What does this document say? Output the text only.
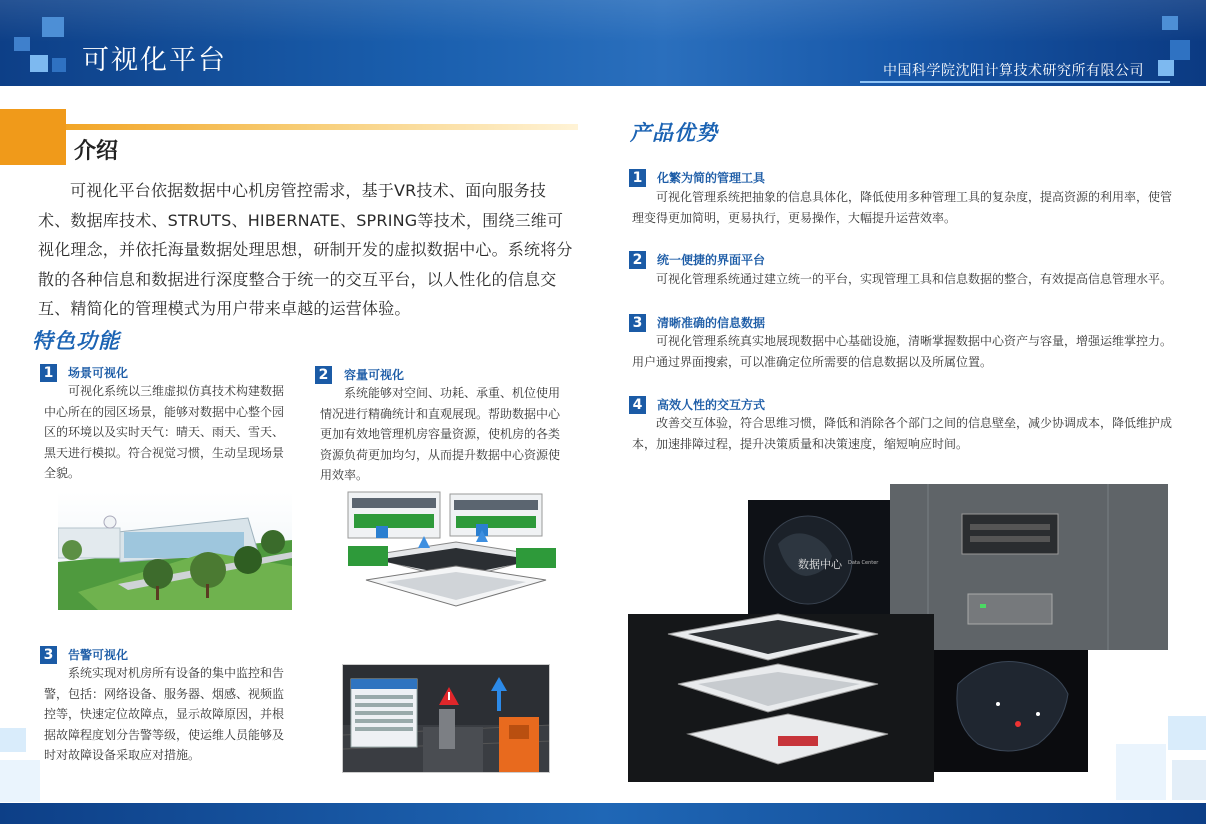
可视化平台	中国科学院沈阳计算技术研究所有限公司
介绍
可视化平台依据数据中心机房管控需求，基于VR技术、面向服务技术、数据库技术、STRUTS、HIBERNATE、SPRING等技术，围绕三维可视化理念，并依托海量数据处理思想，研制开发的虚拟数据中心。系统将分散的各种信息和数据进行深度整合于统一的交互平台，以人性化的信息交互、精简化的管理模式为用户带来卓越的运营体验。
特色功能
1	场景可视化
可视化系统以三维虚拟仿真技术构建数据中心所在的园区场景，能够对数据中心整个园区的环境以及实时天气：晴天、雨天、雪天、黑天进行模拟。符合视觉习惯，生动呈现场景全貌。
2	容量可视化
系统能够对空间、功耗、承重、机位使用情况进行精确统计和直观展现。帮助数据中心更加有效地管理机房容量资源，使机房的各类资源负荷更加均匀，从而提升数据中心资源使用效率。
3	告警可视化
系统实现对机房所有设备的集中监控和告警，包括：网络设备、服务器、烟感、视频监控等，快速定位故障点，显示故障原因，并根据故障程度划分告警等级，使运维人员能够及时对故障设备采取应对措施。
产品优势
1	化繁为简的管理工具
可视化管理系统把抽象的信息具体化，降低使用多种管理工具的复杂度，提高资源的利用率，使管理变得更加简明，更易执行，更易操作，大幅提升运营效率。
2	统一便捷的界面平台
可视化管理系统通过建立统一的平台，实现管理工具和信息数据的整合，有效提高信息管理水平。
3	清晰准确的信息数据
可视化管理系统真实地展现数据中心基础设施，清晰掌握数据中心资产与容量，增强运维掌控力。用户通过界面搜索，可以准确定位所需要的信息数据以及所属位置。
4	高效人性的交互方式
改善交互体验，符合思维习惯，降低和消除各个部门之间的信息壁垒，减少协调成本，降低维护成本，加速排障过程，提升决策质量和决策速度，缩短响应时间。
数据中心 Data Center
